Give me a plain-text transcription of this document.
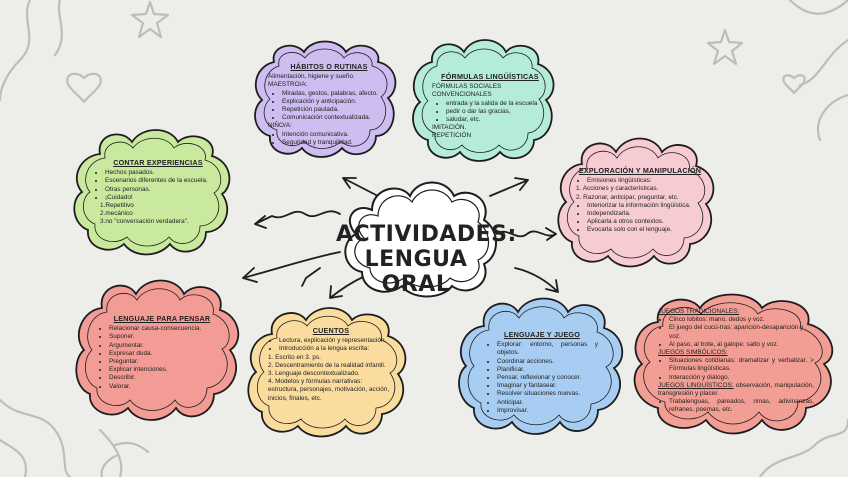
ACTIVIDADES:
LENGUA ORAL
HÁBITOS O RUTINAS

Alimentación, higiene y sueño.

MAESTRO/A:

• Miradas, gestos, palabras, afecto.
• Explicación y anticipación.
• Repetición pautada.
• Comunicación contextualizada.

NIÑO/A:

• Intención comunicativa.
• Seguridad y tranquilidad.
FÓRMULAS LINGÜÍSTICAS

FÓRMULAS SOCIALES

CONVENCIONALES

• entrada y la salida de la escuela
• pedir o dar las gracias,
• saludar, etc.

IMITACIÓN.

REPETICIÓN

CONTAR EXPERIENCIAS
• Hechos pasados.
• Escenarios diferentes de la escuela.
• Otras personas.
• ¡Cuidado!

1.Repetitivo

2.mecánico

3.no "conversación verdadera".

EXPLORACIÓN Y MANIPULACIÓN
• Emisiones lingüísticas:

1. Acciones y características.

2. Razonar, anticipar, preguntar, etc.

• Interiorizar la información lingüística.
• Independizarla.
• Aplicarla a otros contextos.
• Evocarla solo con el lenguaje.
LENGUAJE PARA PENSAR
• Relacionar causa-consecuencia.
• Suponer.
• Argumentar.
• Expresar duda.
• Preguntar.
• Explicar intenciones.
• Describir.
• Valorar.
CUENTOS
• Lectura, explicación y representación.
• Introducción a la lengua escrita:

1. Escrito en 3. ps.

2. Descentramiento de la realidad infantil.

3. Lenguaje descontextualizado.

4. Modelos y fórmulas narrativas: estructura, personajes, motivación, acción, inicios, finales, etc.

LENGUAJE Y JUEGO
• Explorar: entorno, personas y objetos.
• Coordinar acciones.
• Planificar.
• Pensar, reflexionar y conocer.
• Imaginar y fantasear.
• Resolver situaciones nuevas.
• Anticipar.
• Improvisar.

JUEGOS TRADICIONALES:

• Cinco lobitos: mano, dedos y voz.
• El juego del cucú-tras: aparición-desaparición y voz.
• Al paso, al trote, al galope: salto y voz.

JUEGOS SIMBÓLICOS:

• Situaciones cotidianas: dramatizar y verbalizar. > Fórmulas lingüísticas.
• Interacción y diálogo.

JUEGOS LINGUÍSTICOS: observación, manipulación, transgresión y placer.

• Trabalenguas, pareados, rimas, adivinanzas, refranes, poemas, etc.
